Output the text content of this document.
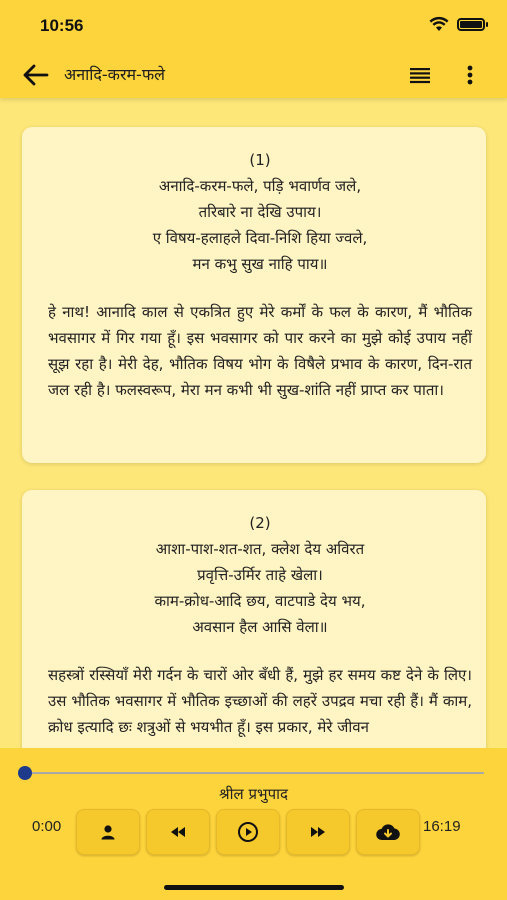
10:56
अनादि-करम-फले
(1)
अनादि-करम-फले, पड़ि भवार्णव जले,
तरिबारे ना देखि उपाय।
ए विषय-हलाहले दिवा-निशि हिया ज्वले,
मन कभु सुख नाहि पाय॥
हे नाथ! आनादि काल से एकत्रित हुए मेरे कर्मों के फल के कारण, मैं भौतिक भवसागर में गिर गया हूँ। इस भवसागर को पार करने का मुझे कोई उपाय नहीं सूझ रहा है। मेरी देह, भौतिक विषय भोग के विषैले प्रभाव के कारण, दिन-रात जल रही है। फलस्वरूप, मेरा मन कभी भी सुख-शांति नहीं प्राप्त कर पाता।
(2)
आशा-पाश-शत-शत, क्लेश देय अविरत
प्रवृत्ति-उर्मिर ताहे खेला।
काम-क्रोध-आदि छय, वाटपाडे देय भय,
अवसान हैल आसि वेला॥
सहस्त्रों रस्सियाँ मेरी गर्दन के चारों ओर बँधी हैं, मुझे हर समय कष्ट देने के लिए। उस भौतिक भवसागर में भौतिक इच्छाओं की लहरें उपद्रव मचा रही हैं। मैं काम, क्रोध इत्यादि छः शत्रुओं से भयभीत हूँ। इस प्रकार, मेरे जीवन
श्रील प्रभुपाद
0:00	16:19
